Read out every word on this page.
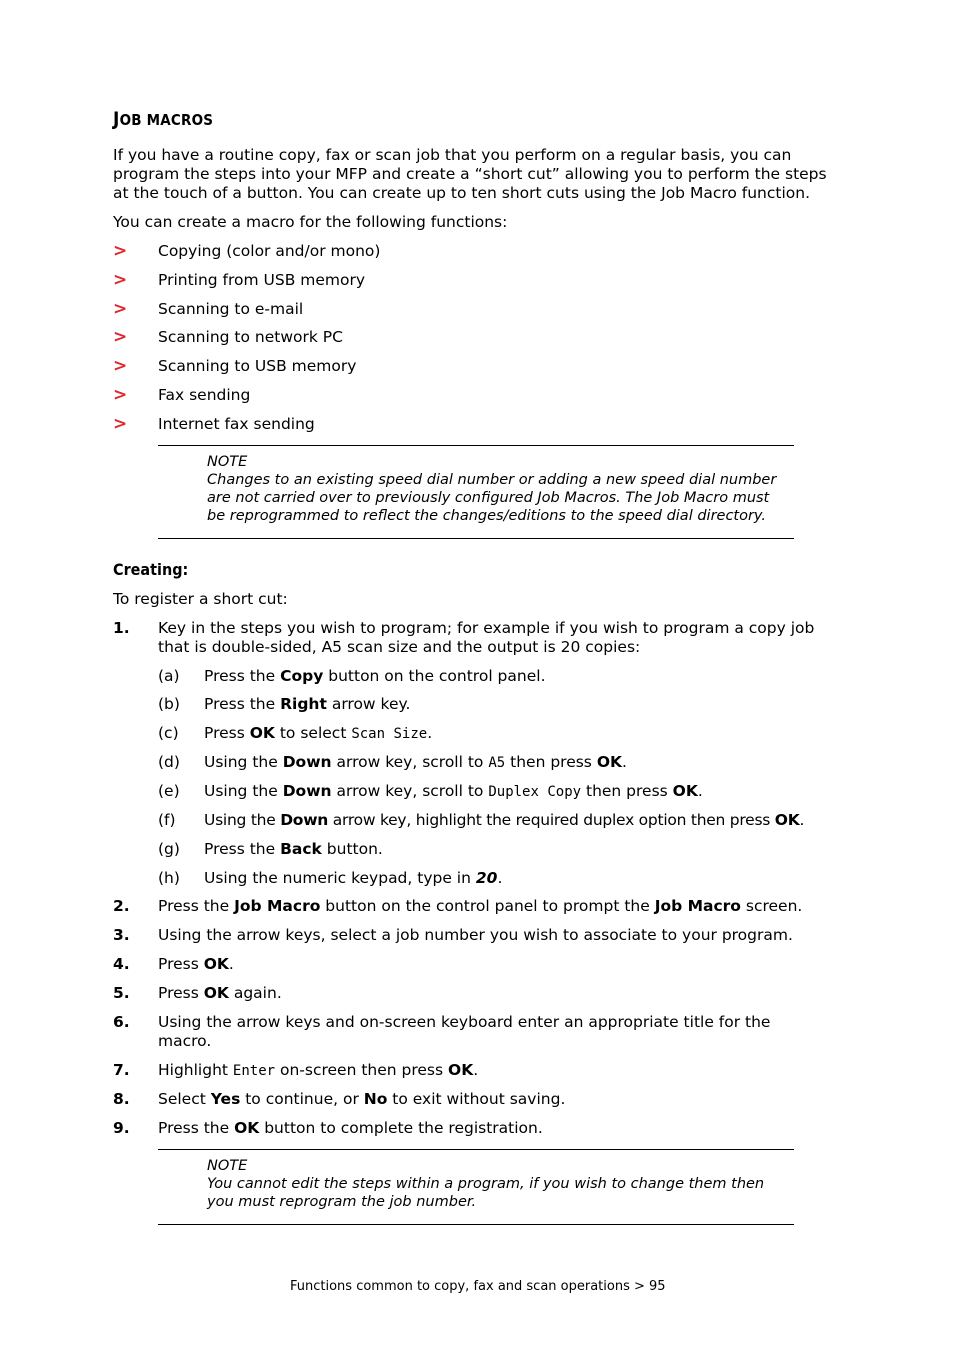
JOB MACROS
If you have a routine copy, fax or scan job that you perform on a regular basis, you can
program the steps into your MFP and create a “short cut” allowing you to perform the steps
at the touch of a button. You can create up to ten short cuts using the Job Macro function.
You can create a macro for the following functions:
> Copying (color and/or mono)
> Printing from USB memory
> Scanning to e-mail
> Scanning to network PC
> Scanning to USB memory
> Fax sending
> Internet fax sending
NOTE
Changes to an existing speed dial number or adding a new speed dial number
are not carried over to previously configured Job Macros. The Job Macro must
be reprogrammed to reflect the changes/editions to the speed dial directory.
Creating:
To register a short cut:
1. Key in the steps you wish to program; for example if you wish to program a copy job
that is double-sided, A5 scan size and the output is 20 copies:
(a) Press the Copy button on the control panel.
(b) Press the Right arrow key.
(c) Press OK to select Scan Size.
(d) Using the Down arrow key, scroll to A5 then press OK.
(e) Using the Down arrow key, scroll to Duplex Copy then press OK.
(f) Using the Down arrow key, highlight the required duplex option then press OK.
(g) Press the Back button.
(h) Using the numeric keypad, type in 20.
2. Press the Job Macro button on the control panel to prompt the Job Macro screen.
3. Using the arrow keys, select a job number you wish to associate to your program.
4. Press OK.
5. Press OK again.
6. Using the arrow keys and on-screen keyboard enter an appropriate title for the
macro.
7. Highlight Enter on-screen then press OK.
8. Select Yes to continue, or No to exit without saving.
9. Press the OK button to complete the registration.
NOTE
You cannot edit the steps within a program, if you wish to change them then
you must reprogram the job number.
Functions common to copy, fax and scan operations > 95
